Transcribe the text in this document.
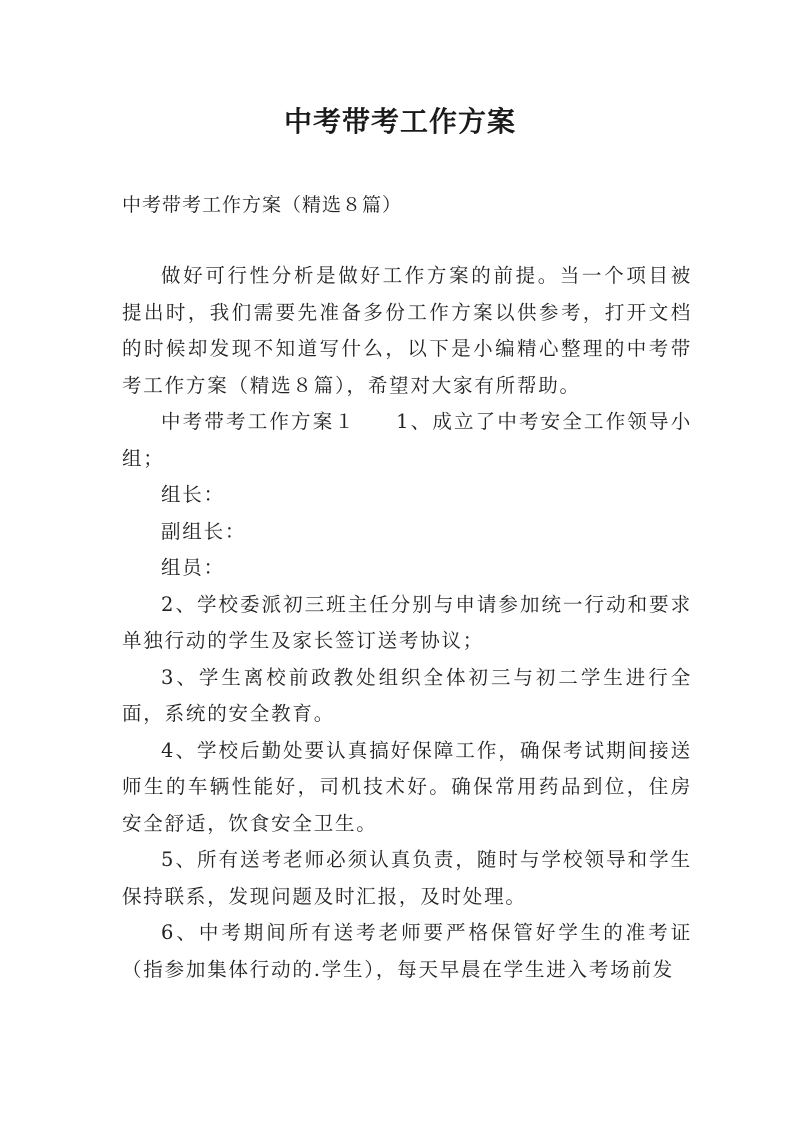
中考带考工作方案
中考带考工作方案（精选８篇）

做好可行性分析是做好工作方案的前提。当一个项目被提出时，我们需要先准备多份工作方案以供参考，打开文档的时候却发现不知道写什么，以下是小编精心整理的中考带考工作方案（精选８篇），希望对大家有所帮助。

中考带考工作方案１ 1、成立了中考安全工作领导小组；

组长：

副组长：

组员：

2、学校委派初三班主任分别与申请参加统一行动和要求单独行动的学生及家长签订送考协议；

3、学生离校前政教处组织全体初三与初二学生进行全面，系统的安全教育。

4、学校后勤处要认真搞好保障工作，确保考试期间接送师生的车辆性能好，司机技术好。确保常用药品到位，住房安全舒适，饮食安全卫生。

5、所有送考老师必须认真负责，随时与学校领导和学生保持联系，发现问题及时汇报，及时处理。

6、中考期间所有送考老师要严格保管好学生的准考证（指参加集体行动的.学生），每天早晨在学生进入考场前发
